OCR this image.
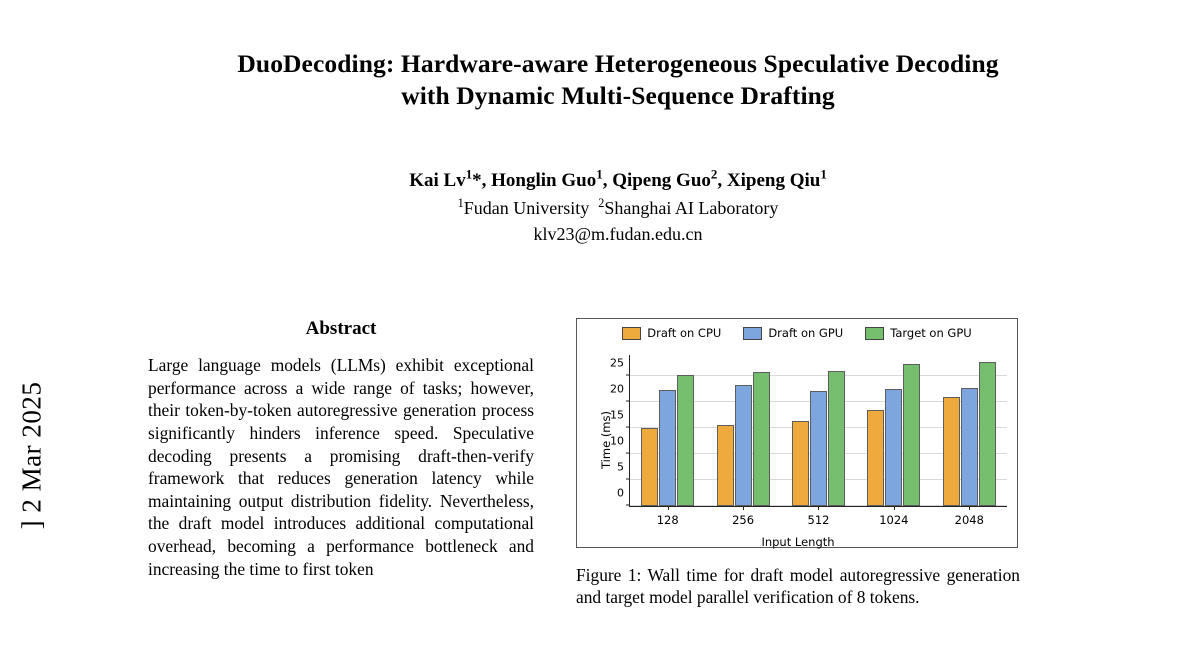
] 2 Mar 2025
DuoDecoding: Hardware-aware Heterogeneous Speculative Decoding
with Dynamic Multi-Sequence Drafting
Kai Lv$^1$*, Honglin Guo$^1$, Qipeng Guo$^2$, Xipeng Qiu$^1$
$^1$Fudan University  $^2$Shanghai AI Laboratory
klv23@m.fudan.edu.cn
Abstract
Large language models (LLMs) exhibit exceptional performance across a wide range of tasks; however, their token-by-token autoregressive generation process significantly hinders inference speed. Speculative decoding presents a promising draft-then-verify framework that reduces generation latency while maintaining output distribution fidelity. Nevertheless, the draft model introduces additional computational overhead, becoming a performance bottleneck and increasing the time to first token
Draft on CPU	Draft on GPU	Target on GPU
Time (ms)
0
5
10
15
20
25
128	256	512	1024	2048
Input Length
Figure 1: Wall time for draft model autoregressive generation and target model parallel verification of 8 tokens.
